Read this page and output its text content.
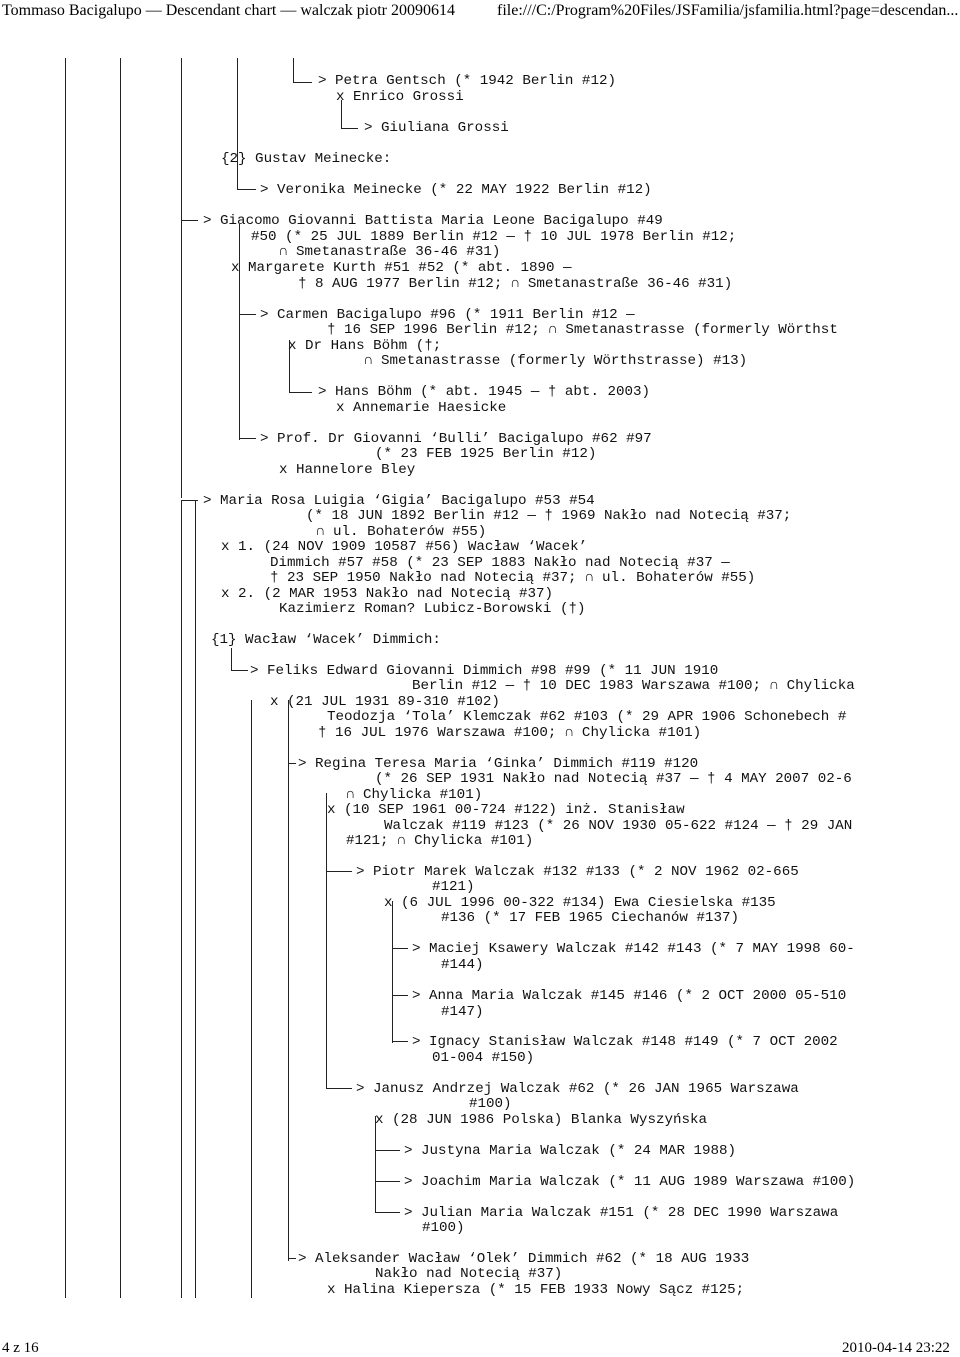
Tommaso Bacigalupo — Descendant chart — walczak piotr 20090614	file:///C:/Program%20Files/JSFamilia/jsfamilia.html?page=descendan...
> Petra Gentsch (* 1942 Berlin #12)
x Enrico Grossi
> Giuliana Grossi
{2} Gustav Meinecke:
> Veronika Meinecke (* 22 MAY 1922 Berlin #12)
> Giacomo Giovanni Battista Maria Leone Bacigalupo #49
#50 (* 25 JUL 1889 Berlin #12 — † 10 JUL 1978 Berlin #12;
∩ Smetanastraße 36-46 #31)
x Margarete Kurth #51 #52 (* abt. 1890 —
† 8 AUG 1977 Berlin #12; ∩ Smetanastraße 36-46 #31)
> Carmen Bacigalupo #96 (* 1911 Berlin #12 —
† 16 SEP 1996 Berlin #12; ∩ Smetanastrasse (formerly Wörthst
x Dr Hans Böhm (†;
∩ Smetanastrasse (formerly Wörthstrasse) #13)
> Hans Böhm (* abt. 1945 — † abt. 2003)
x Annemarie Haesicke
> Prof. Dr Giovanni ‘Bulli’ Bacigalupo #62 #97
(* 23 FEB 1925 Berlin #12)
x Hannelore Bley
> Maria Rosa Luigia ‘Gigia’ Bacigalupo #53 #54
(* 18 JUN 1892 Berlin #12 — † 1969 Nakło nad Notecią #37;
∩ ul. Bohaterów #55)
x 1. (24 NOV 1909 10587 #56) Wacław ‘Wacek’
Dimmich #57 #58 (* 23 SEP 1883 Nakło nad Notecią #37 —
† 23 SEP 1950 Nakło nad Notecią #37; ∩ ul. Bohaterów #55)
x 2. (2 MAR 1953 Nakło nad Notecią #37)
Kazimierz Roman? Lubicz-Borowski (†)
{1} Wacław ‘Wacek’ Dimmich:
> Feliks Edward Giovanni Dimmich #98 #99 (* 11 JUN 1910
Berlin #12 — † 10 DEC 1983 Warszawa #100; ∩ Chylicka
x (21 JUL 1931 89-310 #102)
Teodozja ‘Tola’ Klemczak #62 #103 (* 29 APR 1906 Schonebech #
† 16 JUL 1976 Warszawa #100; ∩ Chylicka #101)
> Regina Teresa Maria ‘Ginka’ Dimmich #119 #120
(* 26 SEP 1931 Nakło nad Notecią #37 — † 4 MAY 2007 02-6
∩ Chylicka #101)
x (10 SEP 1961 00-724 #122) inż. Stanisław
Walczak #119 #123 (* 26 NOV 1930 05-622 #124 — † 29 JAN
#121; ∩ Chylicka #101)
> Piotr Marek Walczak #132 #133 (* 2 NOV 1962 02-665
#121)
x (6 JUL 1996 00-322 #134) Ewa Ciesielska #135
#136 (* 17 FEB 1965 Ciechanów #137)
> Maciej Ksawery Walczak #142 #143 (* 7 MAY 1998 60-
#144)
> Anna Maria Walczak #145 #146 (* 2 OCT 2000 05-510
#147)
> Ignacy Stanisław Walczak #148 #149 (* 7 OCT 2002
01-004 #150)
> Janusz Andrzej Walczak #62 (* 26 JAN 1965 Warszawa
#100)
x (28 JUN 1986 Polska) Blanka Wyszyńska
> Justyna Maria Walczak (* 24 MAR 1988)
> Joachim Maria Walczak (* 11 AUG 1989 Warszawa #100)
> Julian Maria Walczak #151 (* 28 DEC 1990 Warszawa
#100)
> Aleksander Wacław ‘Olek’ Dimmich #62 (* 18 AUG 1933
Nakło nad Notecią #37)
x Halina Kiepersza (* 15 FEB 1933 Nowy Sącz #125;
4 z 16	2010-04-14 23:22
